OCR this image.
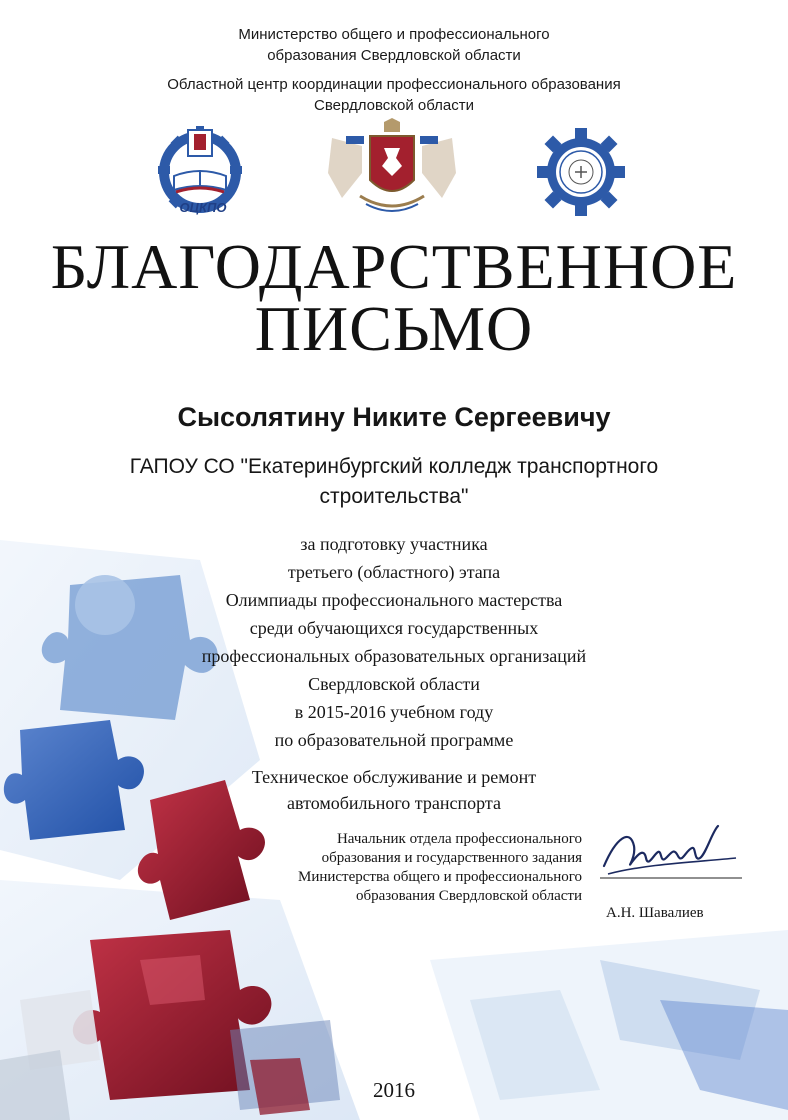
Министерство общего и профессионального
образования Свердловской области
Областной центр координации профессионального образования
Свердловской области
ОЦКПО
БЛАГОДАРСТВЕННОЕ
ПИСЬМО
Сысолятину Никите Сергеевичу
ГАПОУ СО "Екатеринбургский колледж транспортного
строительства"
за подготовку участника
третьего (областного) этапа
Олимпиады профессионального мастерства
среди обучающихся государственных
профессиональных образовательных организаций
Свердловской области
в 2015-2016 учебном году
по образовательной программе
Техническое обслуживание и ремонт
автомобильного транспорта
Начальник отдела профессионального
образования и государственного задания
Министерства общего и профессионального
образования Свердловской области
А.Н. Шавалиев
2016
